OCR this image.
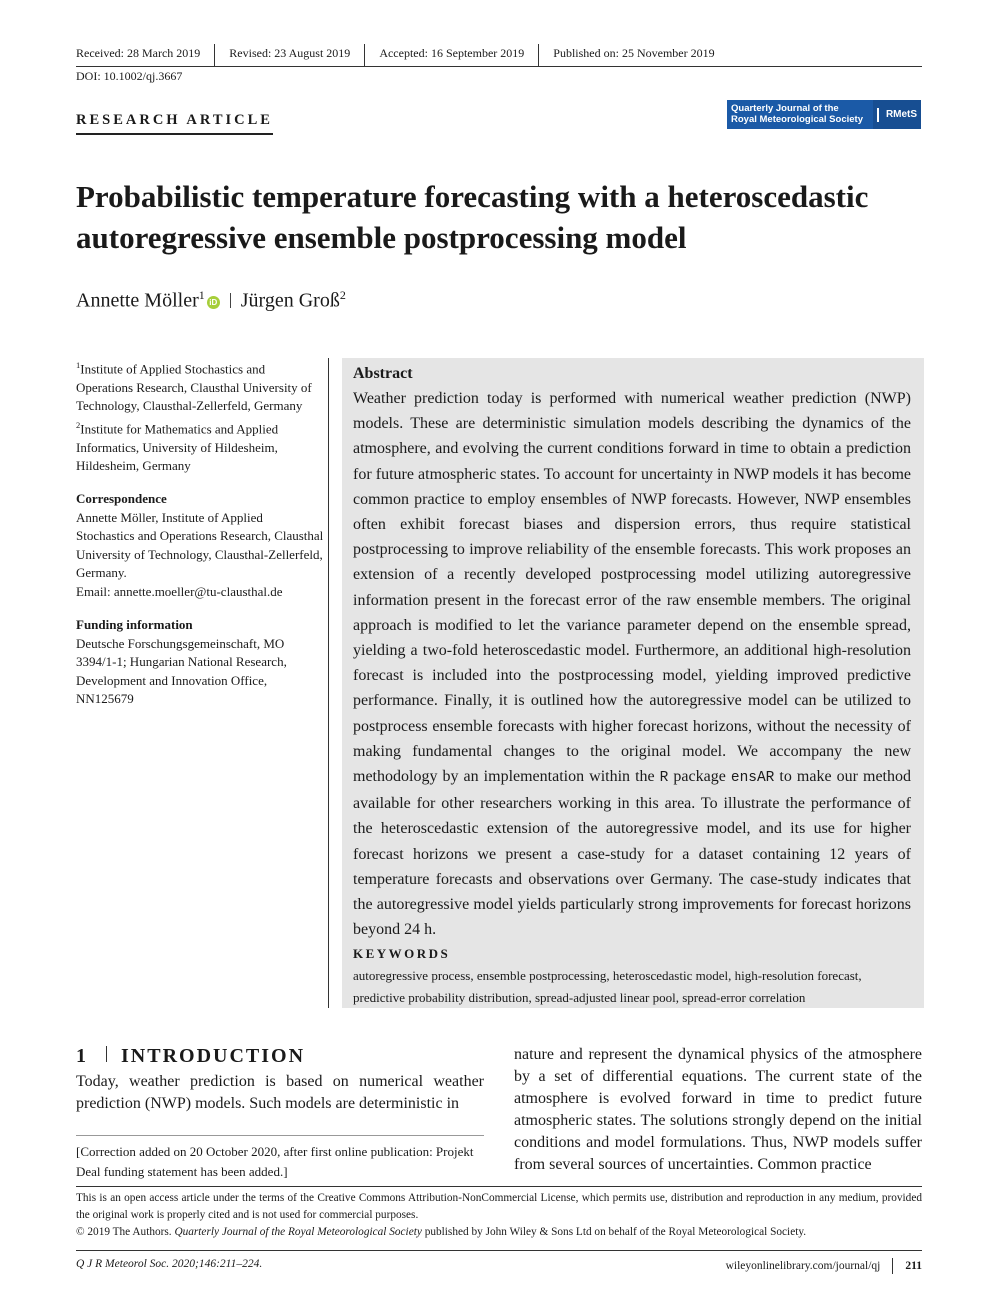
Received: 28 March 2019	Revised: 23 August 2019	Accepted: 16 September 2019	Published on: 25 November 2019
DOI: 10.1002/qj.3667
RESEARCH ARTICLE
Quarterly Journal of the
Royal Meteorological Society	RMetS
Probabilistic temperature forecasting with a heteroscedastic autoregressive ensemble postprocessing model
Annette Möller$^1$iD Jürgen Groß$^2$
$^1$Institute of Applied Stochastics and Operations Research, Clausthal University of Technology, Clausthal-Zellerfeld, Germany
$^2$Institute for Mathematics and Applied Informatics, University of Hildesheim, Hildesheim, Germany
Correspondence
Annette Möller, Institute of Applied Stochastics and Operations Research, Clausthal University of Technology, Clausthal-Zellerfeld, Germany.
Email: annette.moeller@tu-clausthal.de
Funding information
Deutsche Forschungsgemeinschaft, MO 3394/1-1; Hungarian National Research, Development and Innovation Office, NN125679
Abstract
Weather prediction today is performed with numerical weather prediction (NWP) models. These are deterministic simulation models describing the dynamics of the atmosphere, and evolving the current conditions forward in time to obtain a prediction for future atmospheric states. To account for uncertainty in NWP models it has become common practice to employ ensembles of NWP forecasts. However, NWP ensembles often exhibit forecast biases and dispersion errors, thus require statistical postprocessing to improve reliability of the ensemble forecasts. This work proposes an extension of a recently developed postprocessing model utilizing autoregressive information present in the forecast error of the raw ensemble members. The original approach is modified to let the variance parameter depend on the ensemble spread, yielding a two-fold heteroscedastic model. Furthermore, an additional high-resolution forecast is included into the postprocessing model, yielding improved predictive performance. Finally, it is outlined how the autoregressive model can be utilized to postprocess ensemble forecasts with higher forecast horizons, without the necessity of making fundamental changes to the original model. We accompany the new methodology by an implementation within the R package ensAR to make our method available for other researchers working in this area. To illustrate the performance of the heteroscedastic extension of the autoregressive model, and its use for higher forecast horizons we present a case-study for a dataset containing 12 years of temperature forecasts and observations over Germany. The case-study indicates that the autoregressive model yields particularly strong improvements for forecast horizons beyond 24 h.
KEYWORDS
autoregressive process, ensemble postprocessing, heteroscedastic model, high-resolution forecast, predictive probability distribution, spread-adjusted linear pool, spread-error correlation
1 INTRODUCTION
Today, weather prediction is based on numerical weather prediction (NWP) models. Such models are deterministic in
nature and represent the dynamical physics of the atmosphere by a set of differential equations. The current state of the atmosphere is evolved forward in time to predict future atmospheric states. The solutions strongly depend on the initial conditions and model formulations. Thus, NWP models suffer from several sources of uncertainties. Common practice
[Correction added on 20 October 2020, after first online publication: Projekt Deal funding statement has been added.]
This is an open access article under the terms of the Creative Commons Attribution-NonCommercial License, which permits use, distribution and reproduction in any medium, provided the original work is properly cited and is not used for commercial purposes.
© 2019 The Authors. Quarterly Journal of the Royal Meteorological Society published by John Wiley & Sons Ltd on behalf of the Royal Meteorological Society.
Q J R Meteorol Soc. 2020;146:211–224.	wileyonlinelibrary.com/journal/qj 211
